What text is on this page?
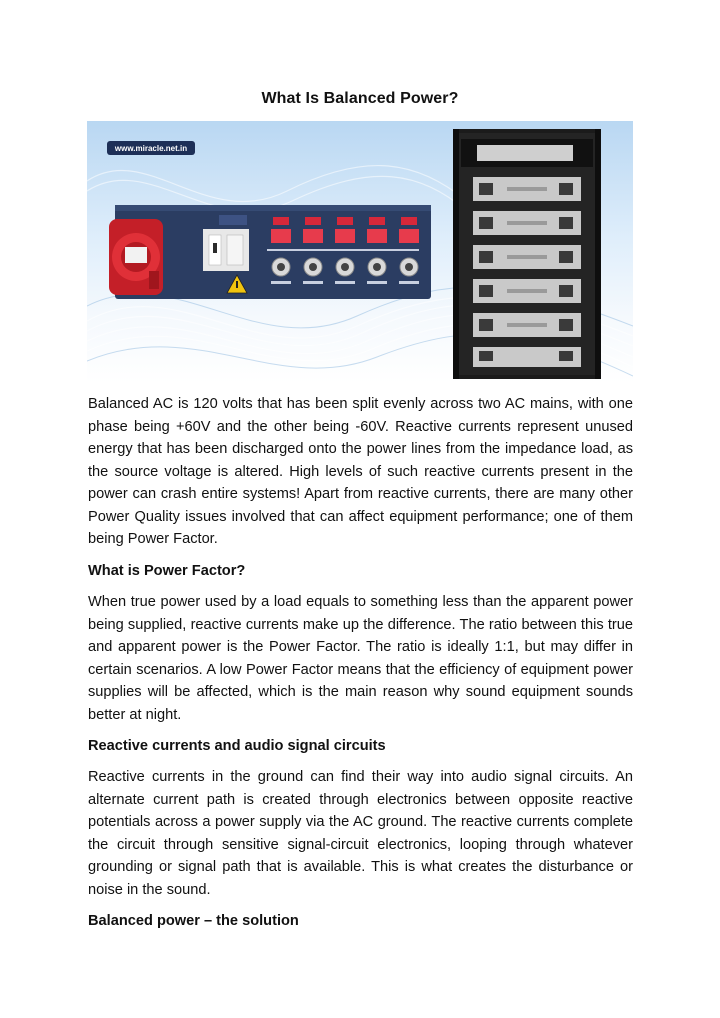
What Is Balanced Power?
www.miracle.net.in
Balanced AC is 120 volts that has been split evenly across two AC mains, with one phase being +60V and the other being -60V. Reactive currents represent unused energy that has been discharged onto the power lines from the impedance load, as the source voltage is altered. High levels of such reactive currents present in the power can crash entire systems! Apart from reactive currents, there are many other Power Quality issues involved that can affect equipment performance; one of them being Power Factor.
What is Power Factor?
When true power used by a load equals to something less than the apparent power being supplied, reactive currents make up the difference. The ratio between this true and apparent power is the Power Factor. The ratio is ideally 1:1, but may differ in certain scenarios. A low Power Factor means that the efficiency of equipment power supplies will be affected, which is the main reason why sound equipment sounds better at night.
Reactive currents and audio signal circuits
Reactive currents in the ground can find their way into audio signal circuits. An alternate current path is created through electronics between opposite reactive potentials across a power supply via the AC ground. The reactive currents complete the circuit through sensitive signal-circuit electronics, looping through whatever grounding or signal path that is available. This is what creates the disturbance or noise in the sound.
Balanced power – the solution
